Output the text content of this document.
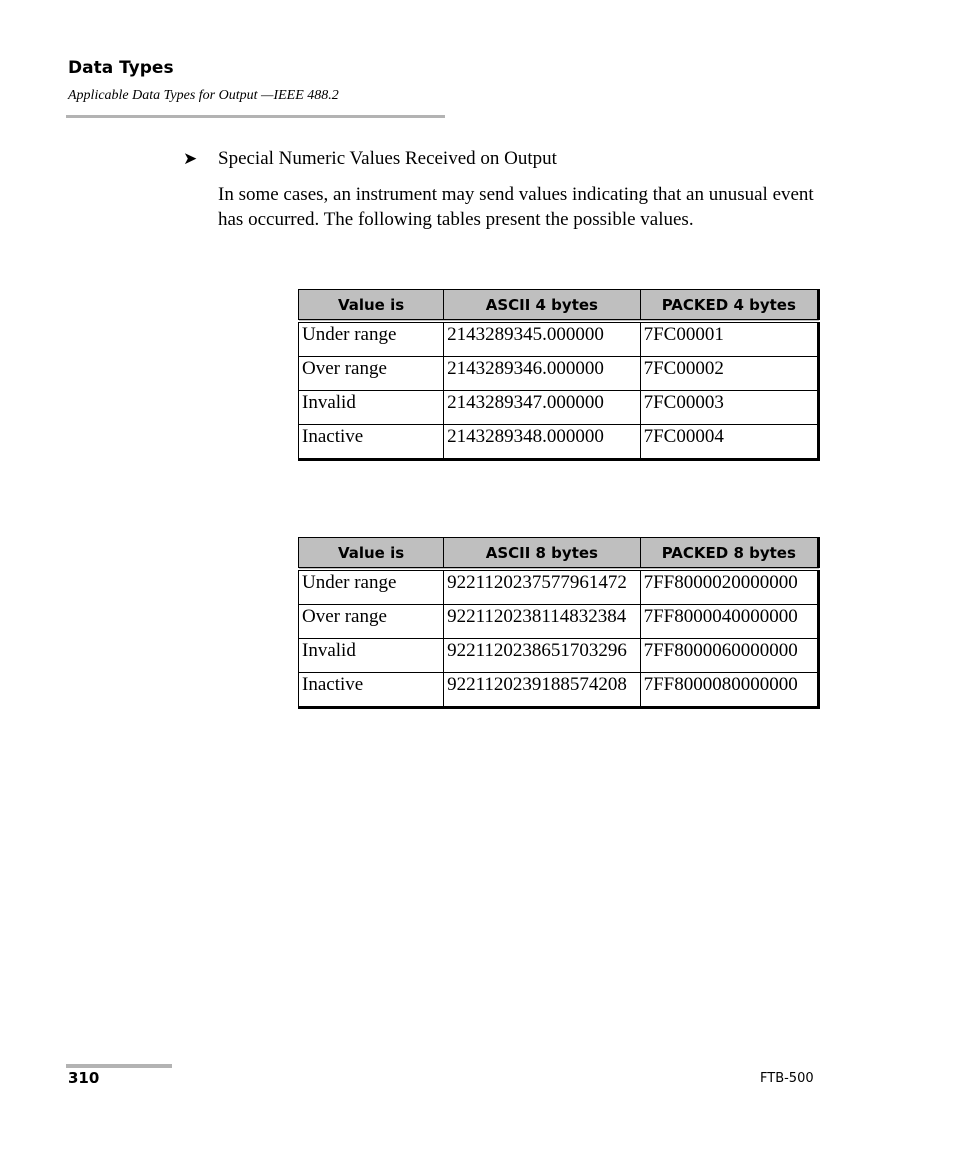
Data Types
Applicable Data Types for Output —IEEE 488.2
➤ Special Numeric Values Received on Output
In some cases, an instrument may send values indicating that an unusual event has occurred. The following tables present the possible values.
Value is	ASCII 4 bytes	PACKED 4 bytes
Under range	2143289345.000000	7FC00001
Over range	2143289346.000000	7FC00002
Invalid	2143289347.000000	7FC00003
Inactive	2143289348.000000	7FC00004
Value is	ASCII 8 bytes	PACKED 8 bytes
Under range	9221120237577961472	7FF8000020000000
Over range	9221120238114832384	7FF8000040000000
Invalid	9221120238651703296	7FF8000060000000
Inactive	9221120239188574208	7FF8000080000000
310	FTB-500
